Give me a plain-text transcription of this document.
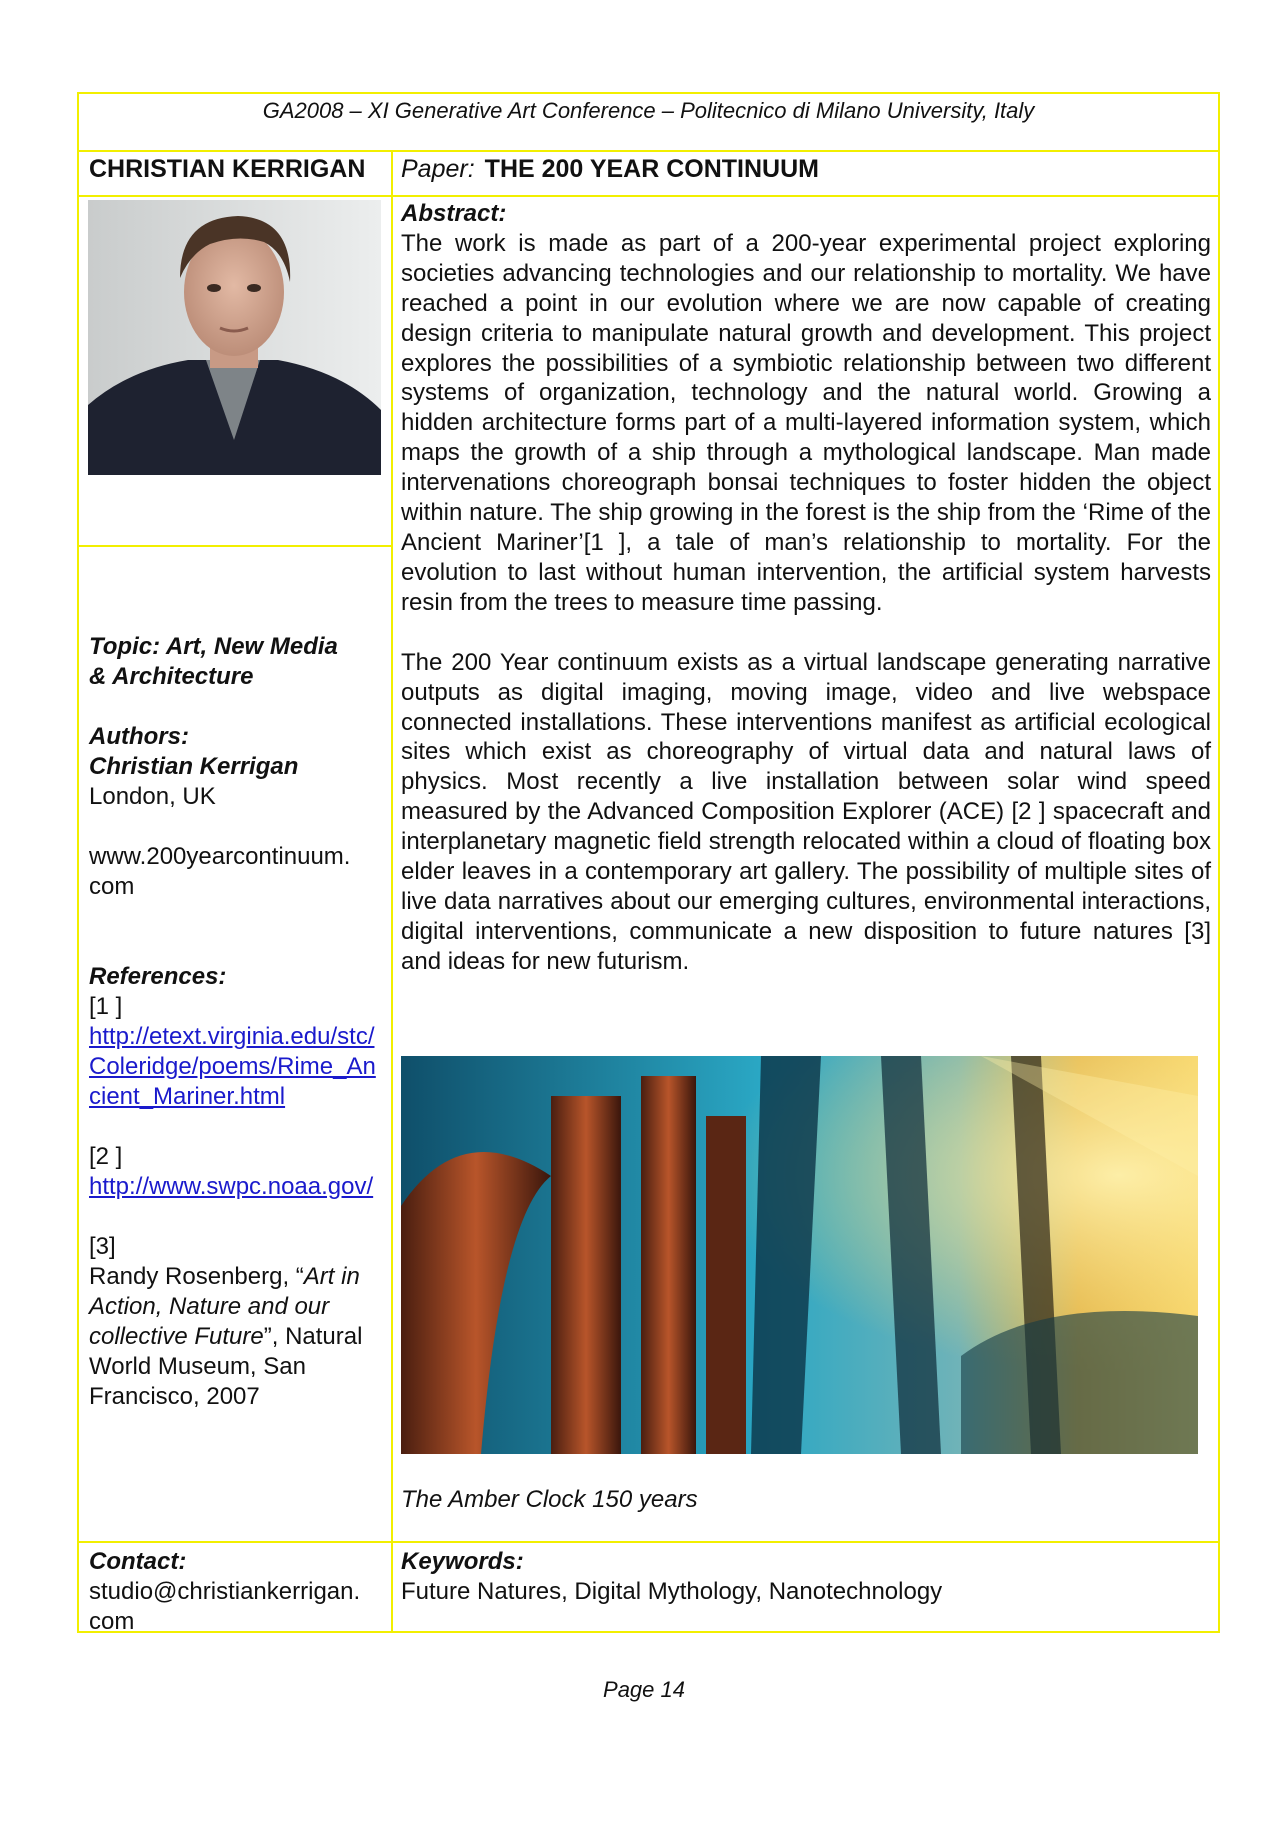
GA2008 – XI Generative Art Conference – Politecnico di Milano University, Italy
CHRISTIAN KERRIGAN Paper: THE 200 YEAR CONTINUUM
Topic: Art, New Media
& Architecture
Authors:
Christian Kerrigan
London, UK
www.200yearcontinuum.
com
References:
[1 ]
http://etext.virginia.edu/stc/Coleridge/poems/Rime_Ancient_Mariner.html
[2 ]
http://www.swpc.noaa.gov/
[3]
Randy Rosenberg, “Art in Action, Nature and our collective Future”, Natural World Museum, San Francisco, 2007
Abstract:

The work is made as part of a 200-year experimental project exploring societies advancing technologies and our relationship to mortality. We have reached a point in our evolution where we are now capable of creating design criteria to manipulate natural growth and development. This project explores the possibilities of a symbiotic relationship between two different systems of organization, technology and the natural world. Growing a hidden architecture forms part of a multi-layered information system, which maps the growth of a ship through a mythological landscape. Man made intervenations choreograph bonsai techniques to foster hidden the object within nature. The ship growing in the forest is the ship from the ‘Rime of the Ancient Mariner’[1 ], a tale of man’s relationship to mortality. For the evolution to last without human intervention, the artificial system harvests resin from the trees to measure time passing.

The 200 Year continuum exists as a virtual landscape generating narrative outputs as digital imaging, moving image, video and live webspace connected installations. These interventions manifest as artificial ecological sites which exist as choreography of virtual data and natural laws of physics. Most recently a live installation between solar wind speed measured by the Advanced Composition Explorer (ACE) [2 ] spacecraft and interplanetary magnetic field strength relocated within a cloud of floating box elder leaves in a contemporary art gallery. The possibility of multiple sites of live data narratives about our emerging cultures, environmental interactions, digital interventions, communicate a new disposition to future natures [3] and ideas for new futurism.

The Amber Clock 150 years
Contact:
studio@christiankerrigan.
com
Keywords:
Future Natures, Digital Mythology, Nanotechnology
Page 14
